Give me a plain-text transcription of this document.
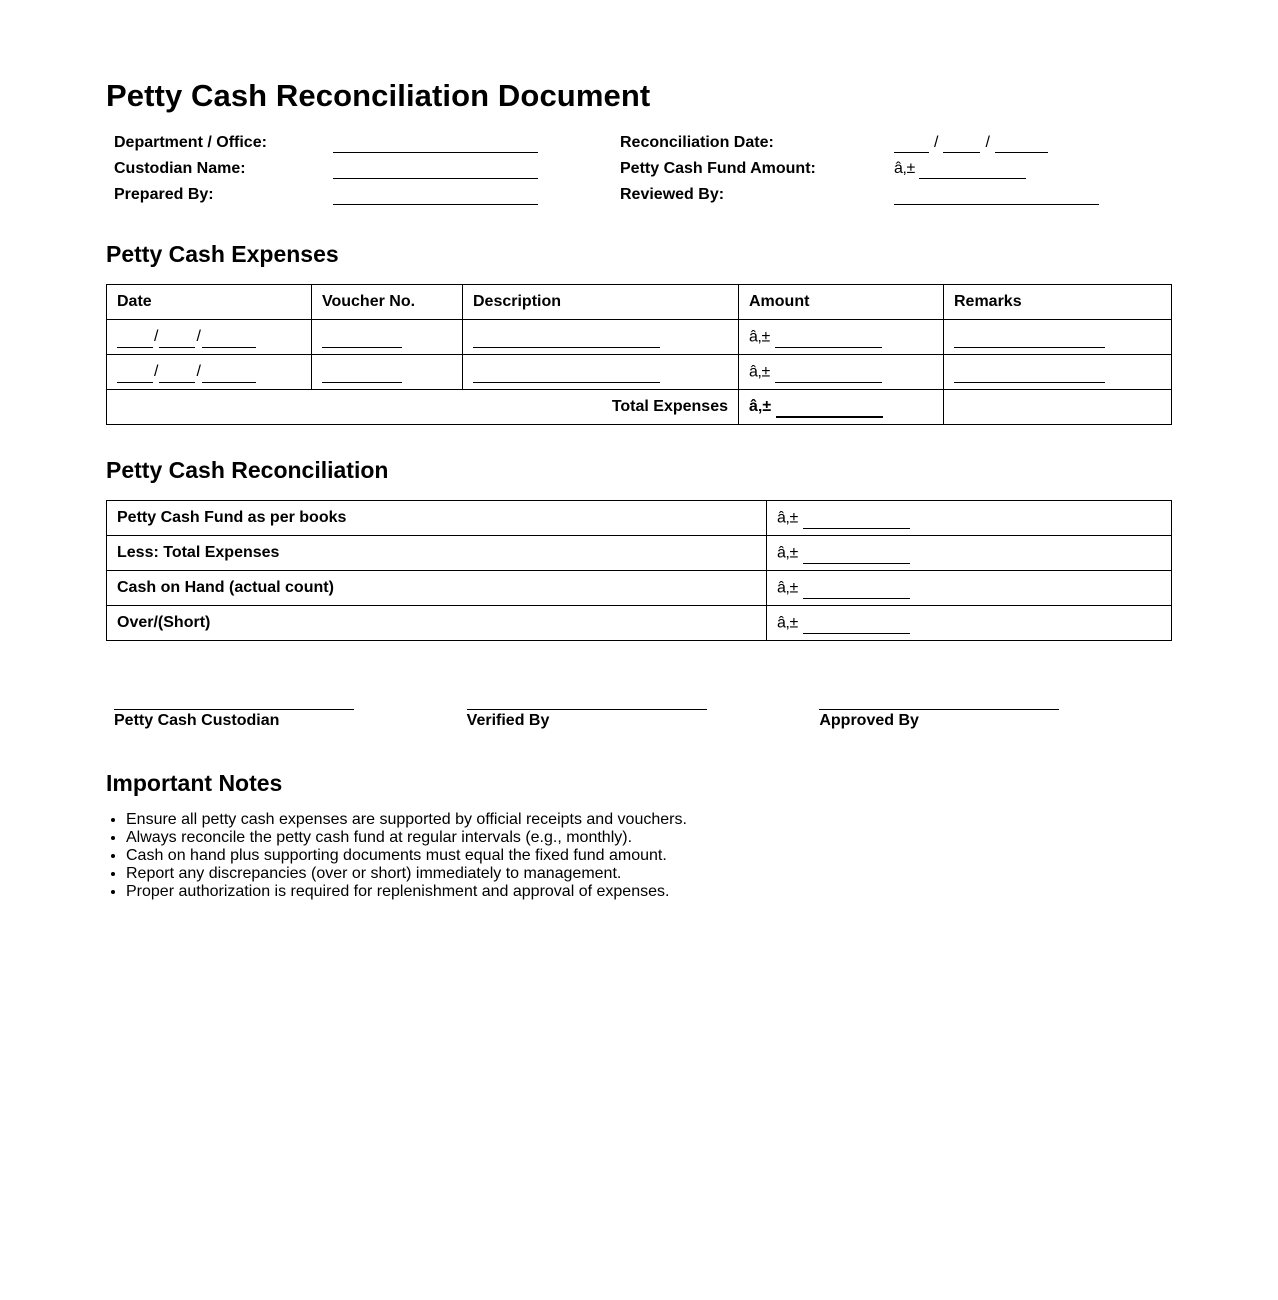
Petty Cash Reconciliation Document
Department / Office:	Reconciliation Date:	/	/
Custodian Name:	Petty Cash Fund Amount:	â‚±
Prepared By:	Reviewed By:
Petty Cash Expenses
Date	Voucher No.	Description	Amount	Remarks
/ /			â‚±	
/ /			â‚±	
Total Expenses			â‚±	
Petty Cash Reconciliation
Petty Cash Fund as per books	â‚±
Less: Total Expenses	â‚±
Cash on Hand (actual count)	â‚±
Over/(Short)	â‚±
Petty Cash Custodian	Verified By	Approved By
Important Notes
• Ensure all petty cash expenses are supported by official receipts and vouchers.
• Always reconcile the petty cash fund at regular intervals (e.g., monthly).
• Cash on hand plus supporting documents must equal the fixed fund amount.
• Report any discrepancies (over or short) immediately to management.
• Proper authorization is required for replenishment and approval of expenses.
